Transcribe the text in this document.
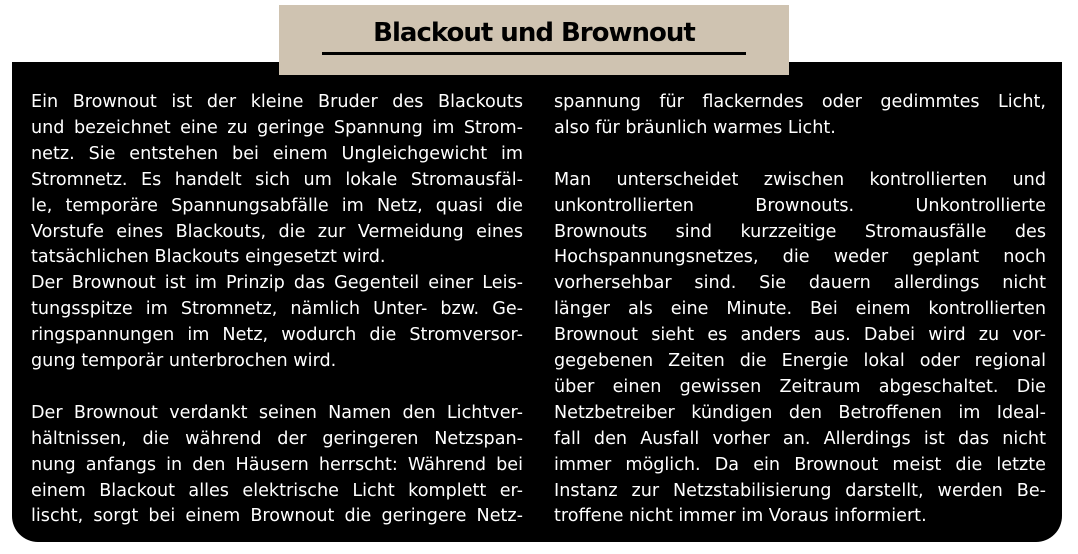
Blackout und Brownout
Ein Brownout ist der kleine Bruder des Blackouts
und bezeichnet eine zu geringe Spannung im Strom-
netz. Sie entstehen bei einem Ungleichgewicht im
Stromnetz. Es handelt sich um lokale Stromausfäl-
le, temporäre Spannungsabfälle im Netz, quasi die
Vorstufe eines Blackouts, die zur Vermeidung eines
tatsächlichen Blackouts eingesetzt wird.
Der Brownout ist im Prinzip das Gegenteil einer Leis-
tungsspitze im Stromnetz, nämlich Unter- bzw. Ge-
ringspannungen im Netz, wodurch die Stromversor-
gung temporär unterbrochen wird.
Der Brownout verdankt seinen Namen den Lichtver-
hältnissen, die während der geringeren Netzspan-
nung anfangs in den Häusern herrscht: Während bei
einem Blackout alles elektrische Licht komplett er-
lischt, sorgt bei einem Brownout die geringere Netz-
spannung für flackerndes oder gedimmtes Licht,
also für bräunlich warmes Licht.
Man unterscheidet zwischen kontrollierten und
unkontrollierten Brownouts. Unkontrollierte
Brownouts sind kurzzeitige Stromausfälle des
Hochspannungsnetzes, die weder geplant noch
vorhersehbar sind. Sie dauern allerdings nicht
länger als eine Minute. Bei einem kontrollierten
Brownout sieht es anders aus. Dabei wird zu vor-
gegebenen Zeiten die Energie lokal oder regional
über einen gewissen Zeitraum abgeschaltet. Die
Netzbetreiber kündigen den Betroffenen im Ideal-
fall den Ausfall vorher an. Allerdings ist das nicht
immer möglich. Da ein Brownout meist die letzte
Instanz zur Netzstabilisierung darstellt, werden Be-
troffene nicht immer im Voraus informiert.
